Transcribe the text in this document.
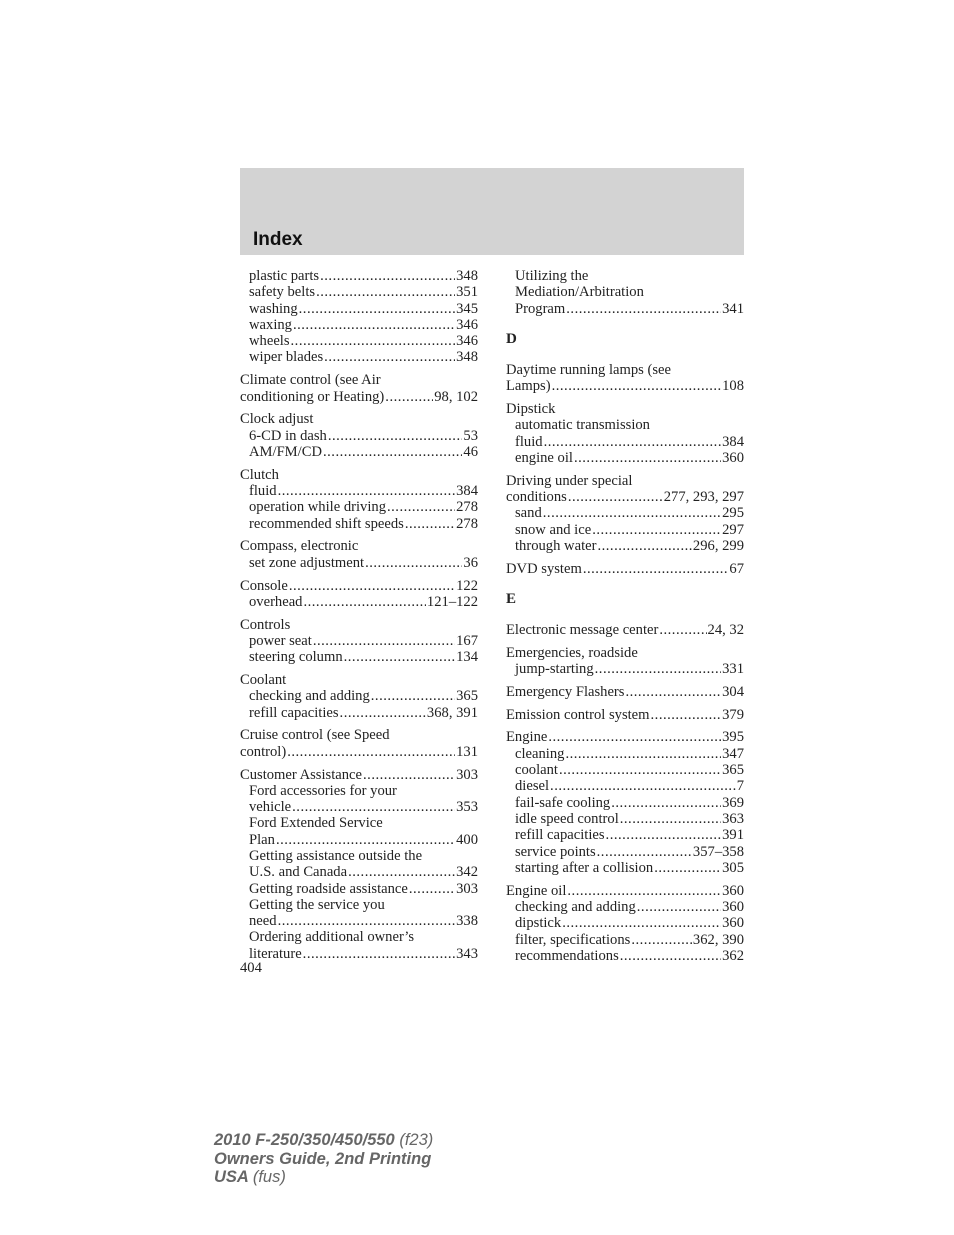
Index
plastic parts .....	348
safety belts .....	351
washing .....	345
waxing .....	346
wheels .....	346
wiper blades .....	348
Climate control (see Air
conditioning or Heating) .....	98, 102
Clock adjust
6-CD in dash .....	53
AM/FM/CD .....	46
Clutch
fluid .....	384
operation while driving .....	278
recommended shift speeds .....	278
Compass, electronic
set zone adjustment .....	36
Console .....	122
overhead .....	121–122
Controls
power seat .....	167
steering column .....	134
Coolant
checking and adding .....	365
refill capacities .....	368, 391
Cruise control (see Speed
control) .....	131
Customer Assistance .....	303
Ford accessories for your
vehicle .....	353
Ford Extended Service
Plan .....	400
Getting assistance outside the
U.S. and Canada .....	342
Getting roadside assistance .....	303
Getting the service you
need .....	338
Ordering additional owner’s
literature .....	343
Utilizing the
Mediation/Arbitration
Program .....	341
D
Daytime running lamps (see
Lamps) .....	108
Dipstick
automatic transmission
fluid .....	384
engine oil .....	360
Driving under special
conditions .....	277, 293, 297
sand .....	295
snow and ice .....	297
through water .....	296, 299
DVD system .....	67
E
Electronic message center .....	24, 32
Emergencies, roadside
jump-starting .....	331
Emergency Flashers .....	304
Emission control system .....	379
Engine .....	395
cleaning .....	347
coolant .....	365
diesel .....	7
fail-safe cooling .....	369
idle speed control .....	363
refill capacities .....	391
service points .....	357–358
starting after a collision .....	305
Engine oil .....	360
checking and adding .....	360
dipstick .....	360
filter, specifications .....	362, 390
recommendations .....	362
404
2010 F-250/350/450/550 (f23)
Owners Guide, 2nd Printing
USA (fus)
